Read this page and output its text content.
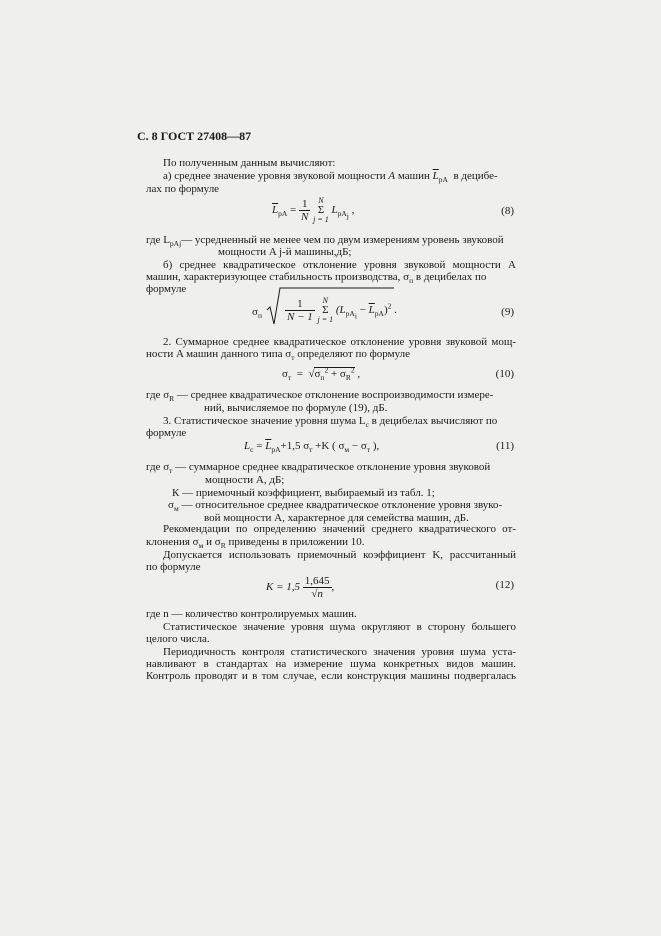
С. 8 ГОСТ 27408—87
По полученным данным вычисляют:
а) среднее значение уровня звуковой мощности А машин $\overline{L}_{pA}$ в децибе-
лах по формуле
$\overline{L}_{pA} = \frac{1}{N}$ N
Σ
j = 1 $L_{pA_j}$ ,	(8)
где $L_{pAj}—$ усредненный не менее чем по двум измерениям уровень звуковой
мощности A j-й машины,дБ;
б) среднее квадратическое отклонение уровня звуковой мощности А
машин, характеризующее стабильность производства, $\sigma_п$ в децибелах по
формуле
$\sigma_п \frac{1}{N - 1}$ N
Σ
j = 1 $(L_{pA_i} - \overline{L}_{pA})^2$ .	(9)
2. Суммарное среднее квадратическое отклонение уровня звуковой мощ-
ности A машин данного типа $\sigma_т$ определяют по формуле
$\sigma_т = √\sigma_п^2 + \sigma_R^2$ ,	(10)
где $\sigma_R$ — среднее квадратическое отклонение воспроизводимости измере-
ний, вычисляемое по формуле (19), дБ.
3. Статистическое значение уровня шума $L_c$ в децибелах вычисляют по
формуле
$L_c = \overline{L}_{pA}+1,5$ $\sigma_т +K$ ( $\sigma_м - \sigma_т$ ),	(11)
где $\sigma_т$ — суммарное среднее квадратическое отклонение уровня звуковой
мощности А, дБ;
К — приемочный коэффициент, выбираемый из табл. 1;
$\sigma_м$ — относительное среднее квадратическое отклонение уровня звуко-
вой мощности А, характерное для семейства машин, дБ.
Рекомендации по определению значений среднего квадратического от-
клонения $\sigma_м$ и $\sigma_R$ приведены в приложении 10.
Допускается использовать приемочный коэффициент K, рассчитанный
по формуле
$K = 1,5 \frac{1,645}{√n}$ ,	(12)
где n — количество контролируемых машин.
Статистическое значение уровня шума округляют в сторону большего
целого числа.
Периодичность контроля статистического значения уровня шума уста-
навливают в стандартах на измерение шума конкретных видов машин.
Контроль проводят и в том случае, если конструкция машины подвергалась
